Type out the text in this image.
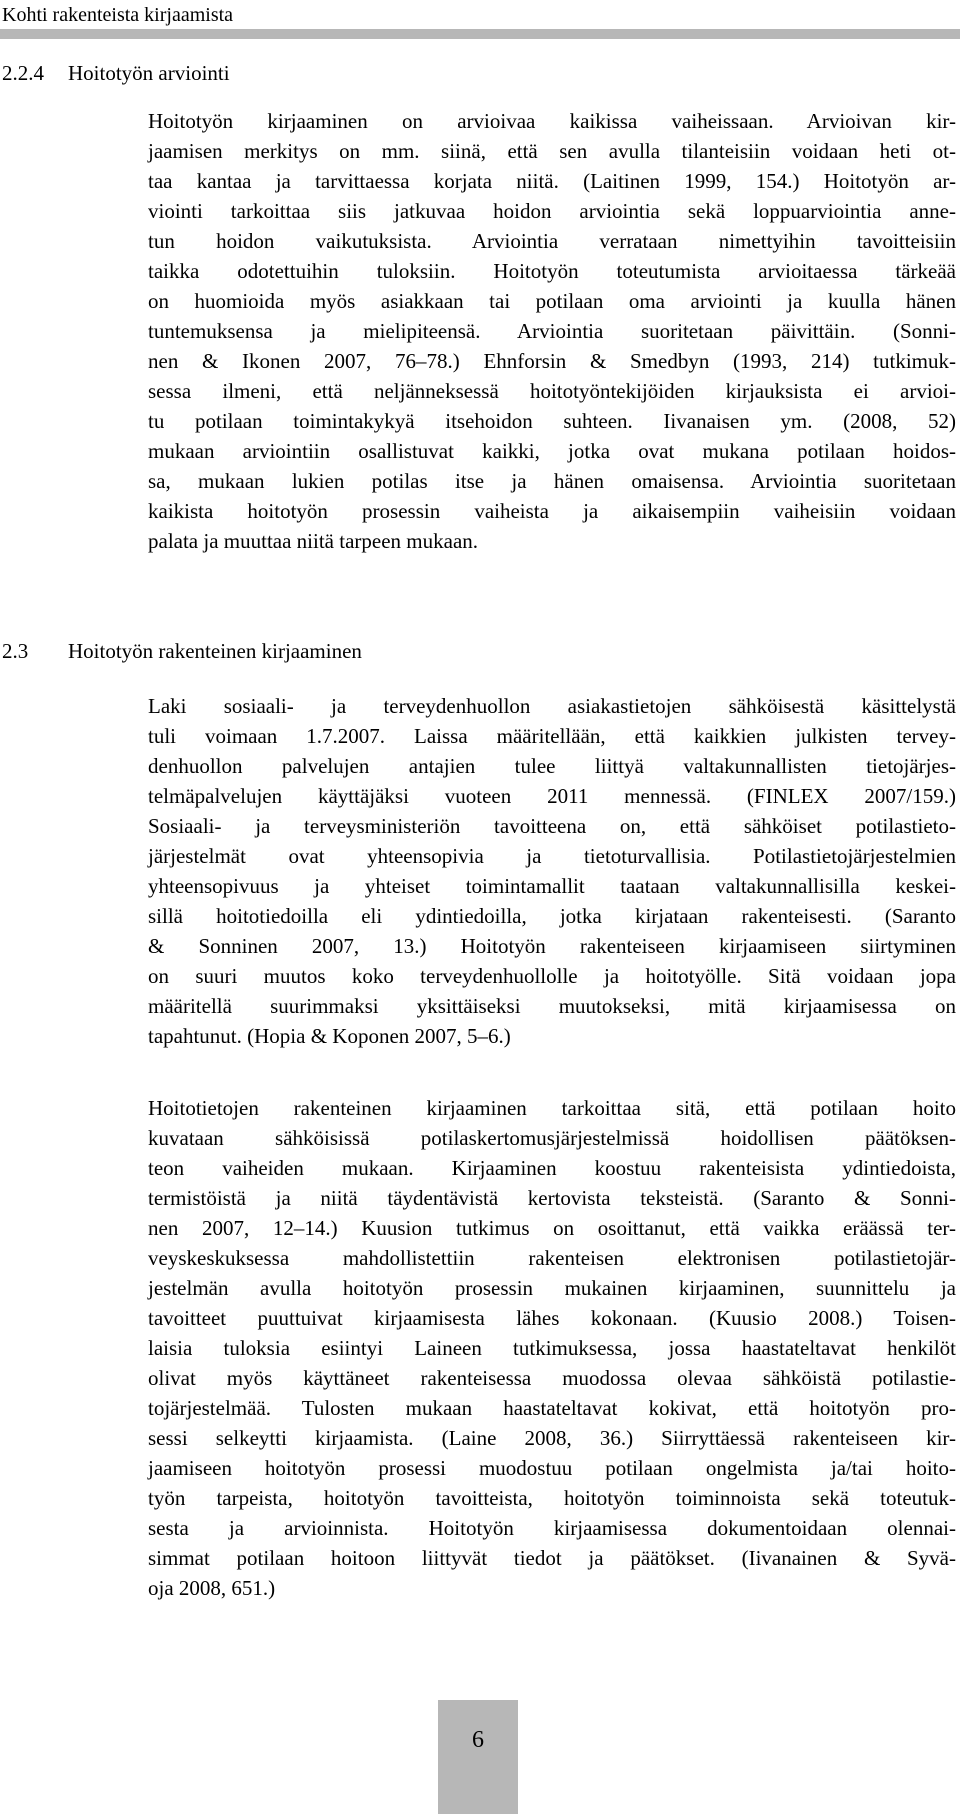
Kohti rakenteista kirjaamista
2.2.4 Hoitotyön arviointi
Hoitotyön kirjaaminen on arvioivaa kaikissa vaiheissaan. Arvioivan kir-
jaamisen merkitys on mm. siinä, että sen avulla tilanteisiin voidaan heti ot-
taa kantaa ja tarvittaessa korjata niitä. (Laitinen 1999, 154.) Hoitotyön ar-
viointi tarkoittaa siis jatkuvaa hoidon arviointia sekä loppuarviointia anne-
tun hoidon vaikutuksista. Arviointia verrataan nimettyihin tavoitteisiin
taikka odotettuihin tuloksiin. Hoitotyön toteutumista arvioitaessa tärkeää
on huomioida myös asiakkaan tai potilaan oma arviointi ja kuulla hänen
tuntemuksensa ja mielipiteensä. Arviointia suoritetaan päivittäin. (Sonni-
nen & Ikonen 2007, 76–78.) Ehnforsin & Smedbyn (1993, 214) tutkimuk-
sessa ilmeni, että neljänneksessä hoitotyöntekijöiden kirjauksista ei arvioi-
tu potilaan toimintakykyä itsehoidon suhteen. Iivanaisen ym. (2008, 52)
mukaan arviointiin osallistuvat kaikki, jotka ovat mukana potilaan hoidos-
sa, mukaan lukien potilas itse ja hänen omaisensa. Arviointia suoritetaan
kaikista hoitotyön prosessin vaiheista ja aikaisempiin vaiheisiin voidaan
palata ja muuttaa niitä tarpeen mukaan.
2.3 Hoitotyön rakenteinen kirjaaminen
Laki sosiaali- ja terveydenhuollon asiakastietojen sähköisestä käsittelystä
tuli voimaan 1.7.2007. Laissa määritellään, että kaikkien julkisten tervey-
denhuollon palvelujen antajien tulee liittyä valtakunnallisten tietojärjes-
telmäpalvelujen käyttäjäksi vuoteen 2011 mennessä. (FINLEX 2007/159.)
Sosiaali- ja terveysministeriön tavoitteena on, että sähköiset potilastieto-
järjestelmät ovat yhteensopivia ja tietoturvallisia. Potilastietojärjestelmien
yhteensopivuus ja yhteiset toimintamallit taataan valtakunnallisilla keskei-
sillä hoitotiedoilla eli ydintiedoilla, jotka kirjataan rakenteisesti. (Saranto
& Sonninen 2007, 13.) Hoitotyön rakenteiseen kirjaamiseen siirtyminen
on suuri muutos koko terveydenhuollolle ja hoitotyölle. Sitä voidaan jopa
määritellä suurimmaksi yksittäiseksi muutokseksi, mitä kirjaamisessa on
tapahtunut. (Hopia & Koponen 2007, 5–6.)
Hoitotietojen rakenteinen kirjaaminen tarkoittaa sitä, että potilaan hoito
kuvataan sähköisissä potilaskertomusjärjestelmissä hoidollisen päätöksen-
teon vaiheiden mukaan. Kirjaaminen koostuu rakenteisista ydintiedoista,
termistöistä ja niitä täydentävistä kertovista teksteistä. (Saranto & Sonni-
nen 2007, 12–14.) Kuusion tutkimus on osoittanut, että vaikka eräässä ter-
veyskeskuksessa mahdollistettiin rakenteisen elektronisen potilastietojär-
jestelmän avulla hoitotyön prosessin mukainen kirjaaminen, suunnittelu ja
tavoitteet puuttuivat kirjaamisesta lähes kokonaan. (Kuusio 2008.) Toisen-
laisia tuloksia esiintyi Laineen tutkimuksessa, jossa haastateltavat henkilöt
olivat myös käyttäneet rakenteisessa muodossa olevaa sähköistä potilastie-
tojärjestelmää. Tulosten mukaan haastateltavat kokivat, että hoitotyön pro-
sessi selkeytti kirjaamista. (Laine 2008, 36.) Siirryttäessä rakenteiseen kir-
jaamiseen hoitotyön prosessi muodostuu potilaan ongelmista ja/tai hoito-
työn tarpeista, hoitotyön tavoitteista, hoitotyön toiminnoista sekä toteutuk-
sesta ja arvioinnista. Hoitotyön kirjaamisessa dokumentoidaan olennai-
simmat potilaan hoitoon liittyvät tiedot ja päätökset. (Iivanainen & Syvä-
oja 2008, 651.)
6
